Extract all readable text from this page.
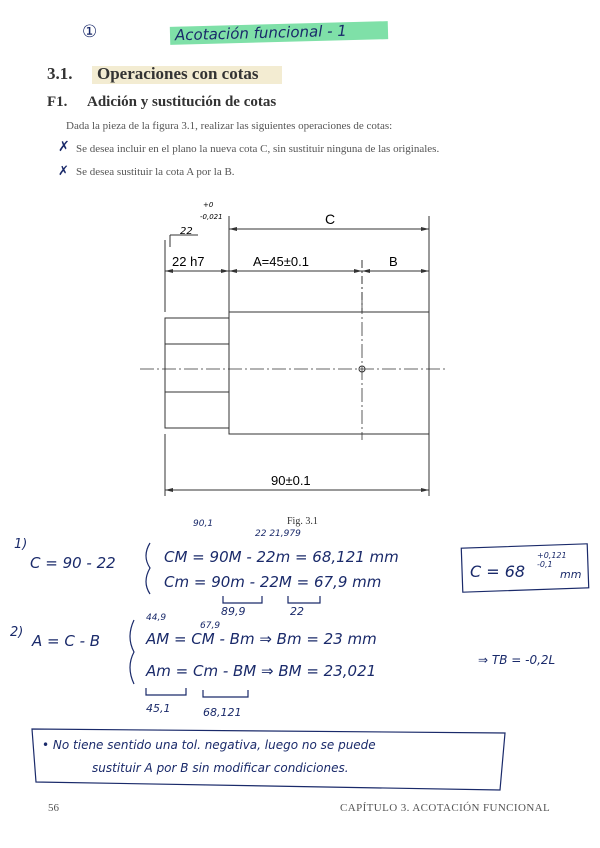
Acotación funcional - 1
①
3.1. Operaciones con cotas
F1. Adición y sustitución de cotas
Dada la pieza de la figura 3.1, realizar las siguientes operaciones de cotas:
✗ Se desea incluir en el plano la nueva cota C, sin sustituir ninguna de las originales.
✗ Se desea sustituir la cota A por la B.
C
22 h7	A=45±0.1	B
90±0.1
+0
-0,021
22
1)
C = 90 - 22
90,1
22 21,979
CM = 90M - 22m = 68,121 mm
Cm = 90m - 22M = 67,9 mm
89,9	22
C = 68
+0,121
-0,1
mm
2) A = C - B
44,9
67,9
AM = CM - Bm ⇒ Bm = 23 mm
Am = Cm - BM ⇒ BM = 23,021
⇒ TB = -0,2L
45,1	68,121
• No tiene sentido una tol. negativa, luego no se puede
sustituir A por B sin modificar condiciones.
Fig. 3.1
56	CAPÍTULO 3. ACOTACIÓN FUNCIONAL
